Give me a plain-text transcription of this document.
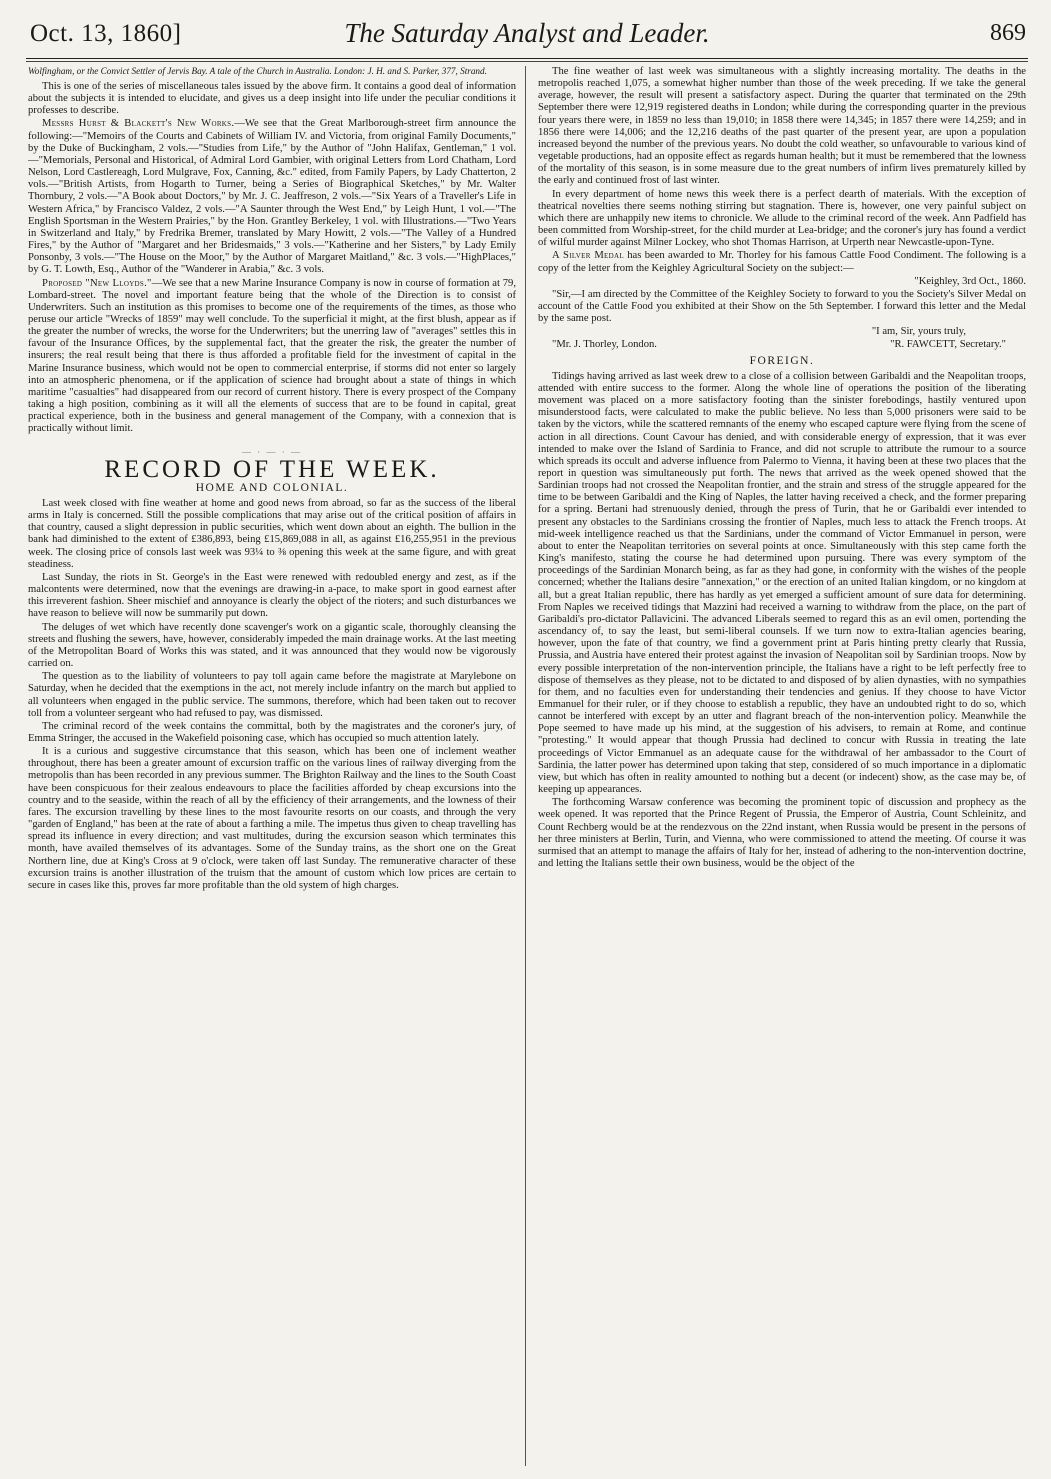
Oct. 13, 1860]	The Saturday Analyst and Leader.	869

Wolfingham, or the Convict Settler of Jervis Bay. A tale of the Church in Australia. London: J. H. and S. Parker, 377, Strand.

This is one of the series of miscellaneous tales issued by the above firm. It contains a good deal of information about the subjects it is intended to elucidate, and gives us a deep insight into life under the peculiar conditions it professes to describe.

Messrs Hurst & Blackett's New Works.—We see that the Great Marlborough-street firm announce the following:—"Memoirs of the Courts and Cabinets of William IV. and Victoria, from original Family Documents," by the Duke of Buckingham, 2 vols.—"Studies from Life," by the Author of "John Halifax, Gentleman," 1 vol.—"Memorials, Personal and Historical, of Admiral Lord Gambier, with original Letters from Lord Chatham, Lord Nelson, Lord Castlereagh, Lord Mulgrave, Fox, Canning, &c." edited, from Family Papers, by Lady Chatterton, 2 vols.—"British Artists, from Hogarth to Turner, being a Series of Biographical Sketches," by Mr. Walter Thornbury, 2 vols.—"A Book about Doctors," by Mr. J. C. Jeaffreson, 2 vols.—"Six Years of a Traveller's Life in Western Africa," by Francisco Valdez, 2 vols.—"A Saunter through the West End," by Leigh Hunt, 1 vol.—"The English Sportsman in the Western Prairies," by the Hon. Grantley Berkeley, 1 vol. with Illustrations.—"Two Years in Switzerland and Italy," by Fredrika Bremer, translated by Mary Howitt, 2 vols.—"The Valley of a Hundred Fires," by the Author of "Margaret and her Bridesmaids," 3 vols.—"Katherine and her Sisters," by Lady Emily Ponsonby, 3 vols.—"The House on the Moor," by the Author of Margaret Maitland," &c. 3 vols.—"HighPlaces," by G. T. Lowth, Esq., Author of the "Wanderer in Arabia," &c. 3 vols.

Proposed "New Lloyds."—We see that a new Marine Insurance Company is now in course of formation at 79, Lombard-street. The novel and important feature being that the whole of the Direction is to consist of Underwriters. Such an institution as this promises to become one of the requirements of the times, as those who peruse our article "Wrecks of 1859" may well conclude. To the superficial it might, at the first blush, appear as if the greater the number of wrecks, the worse for the Underwriters; but the unerring law of "averages" settles this in favour of the Insurance Offices, by the supplemental fact, that the greater the risk, the greater the number of insurers; the real result being that there is thus afforded a profitable field for the investment of capital in the Marine Insurance business, which would not be open to commercial enterprise, if storms did not enter so largely into an atmospheric phenomena, or if the application of science had brought about a state of things in which maritime "casualties" had disappeared from our record of current history. There is every prospect of the Company taking a high position, combining as it will all the elements of success that are to be found in capital, great practical experience, both in the business and general management of the Company, with a connexion that is practically without limit.

— · — · —
RECORD OF THE WEEK.
HOME AND COLONIAL.

Last week closed with fine weather at home and good news from abroad, so far as the success of the liberal arms in Italy is concerned. Still the possible complications that may arise out of the critical position of affairs in that country, caused a slight depression in public securities, which went down about an eighth. The bullion in the bank had diminished to the extent of £386,893, being £15,869,088 in all, as against £16,255,951 in the previous week. The closing price of consols last week was 93¼ to ⅜ opening this week at the same figure, and with great steadiness.

Last Sunday, the riots in St. George's in the East were renewed with redoubled energy and zest, as if the malcontents were determined, now that the evenings are drawing-in a-pace, to make sport in good earnest after this irreverent fashion. Sheer mischief and annoyance is clearly the object of the rioters; and such disturbances we have reason to believe will now be summarily put down.

The deluges of wet which have recently done scavenger's work on a gigantic scale, thoroughly cleansing the streets and flushing the sewers, have, however, considerably impeded the main drainage works. At the last meeting of the Metropolitan Board of Works this was stated, and it was announced that they would now be vigorously carried on.

The question as to the liability of volunteers to pay toll again came before the magistrate at Marylebone on Saturday, when he decided that the exemptions in the act, not merely include infantry on the march but applied to all volunteers when engaged in the public service. The summons, therefore, which had been taken out to recover toll from a volunteer sergeant who had refused to pay, was dismissed.

The criminal record of the week contains the committal, both by the magistrates and the coroner's jury, of Emma Stringer, the accused in the Wakefield poisoning case, which has occupied so much attention lately.

It is a curious and suggestive circumstance that this season, which has been one of inclement weather throughout, there has been a greater amount of excursion traffic on the various lines of railway diverging from the metropolis than has been recorded in any previous summer. The Brighton Railway and the lines to the South Coast have been conspicuous for their zealous endeavours to place the facilities afforded by cheap excursions into the country and to the seaside, within the reach of all by the efficiency of their arrangements, and the lowness of their fares. The excursion travelling by these lines to the most favourite resorts on our coasts, and through the very "garden of England," has been at the rate of about a farthing a mile. The impetus thus given to cheap travelling has spread its influence in every direction; and vast multitudes, during the excursion season which terminates this month, have availed themselves of its advantages. Some of the Sunday trains, as the short one on the Great Northern line, due at King's Cross at 9 o'clock, were taken off last Sunday. The remunerative character of these excursion trains is another illustration of the truism that the amount of custom which low prices are certain to secure in cases like this, proves far more profitable than the old system of high charges.

The fine weather of last week was simultaneous with a slightly increasing mortality. The deaths in the metropolis reached 1,075, a somewhat higher number than those of the week preceding. If we take the general average, however, the result will present a satisfactory aspect. During the quarter that terminated on the 29th September there were 12,919 registered deaths in London; while during the corresponding quarter in the previous four years there were, in 1859 no less than 19,010; in 1858 there were 14,345; in 1857 there were 14,259; and in 1856 there were 14,006; and the 12,216 deaths of the past quarter of the present year, are upon a population increased beyond the number of the previous years. No doubt the cold weather, so unfavourable to various kind of vegetable productions, had an opposite effect as regards human health; but it must be remembered that the lowness of the mortality of this season, is in some measure due to the great numbers of infirm lives prematurely killed by the early and continued frost of last winter.

In every department of home news this week there is a perfect dearth of materials. With the exception of theatrical novelties there seems nothing stirring but stagnation. There is, however, one very painful subject on which there are unhappily new items to chronicle. We allude to the criminal record of the week. Ann Padfield has been committed from Worship-street, for the child murder at Lea-bridge; and the coroner's jury has found a verdict of wilful murder against Milner Lockey, who shot Thomas Harrison, at Urperth near Newcastle-upon-Tyne.

A Silver Medal has been awarded to Mr. Thorley for his famous Cattle Food Condiment. The following is a copy of the letter from the Keighley Agricultural Society on the subject:—

"Keighley, 3rd Oct., 1860.

"Sir,—I am directed by the Committee of the Keighley Society to forward to you the Society's Silver Medal on account of the Cattle Food you exhibited at their Show on the 5th September. I forward this letter and the Medal by the same post.

"I am, Sir, yours truly,

"Mr. J. Thorley, London.	"R. FAWCETT, Secretary."
FOREIGN.

Tidings having arrived as last week drew to a close of a collision between Garibaldi and the Neapolitan troops, attended with entire success to the former. Along the whole line of operations the position of the liberating movement was placed on a more satisfactory footing than the sinister forebodings, hastily ventured upon misunderstood facts, were calculated to make the public believe. No less than 5,000 prisoners were said to be taken by the victors, while the scattered remnants of the enemy who escaped capture were flying from the scene of action in all directions. Count Cavour has denied, and with considerable energy of expression, that it was ever intended to make over the Island of Sardinia to France, and did not scruple to attribute the rumour to a source which spreads its occult and adverse influence from Palermo to Vienna, it having been at these two places that the report in question was simultaneously put forth. The news that arrived as the week opened showed that the Sardinian troops had not crossed the Neapolitan frontier, and the strain and stress of the struggle appeared for the time to be between Garibaldi and the King of Naples, the latter having received a check, and the former preparing for a spring. Bertani had strenuously denied, through the press of Turin, that he or Garibaldi ever intended to present any obstacles to the Sardinians crossing the frontier of Naples, much less to attack the French troops. At mid-week intelligence reached us that the Sardinians, under the command of Victor Emmanuel in person, were about to enter the Neapolitan territories on several points at once. Simultaneously with this step came forth the King's manifesto, stating the course he had determined upon pursuing. There was every symptom of the proceedings of the Sardinian Monarch being, as far as they had gone, in conformity with the wishes of the people concerned; whether the Italians desire "annexation," or the erection of an united Italian kingdom, or no kingdom at all, but a great Italian republic, there has hardly as yet emerged a sufficient amount of sure data for determining. From Naples we received tidings that Mazzini had received a warning to withdraw from the place, on the part of Garibaldi's pro-dictator Pallavicini. The advanced Liberals seemed to regard this as an evil omen, portending the ascendancy of, to say the least, but semi-liberal counsels. If we turn now to extra-Italian agencies bearing, however, upon the fate of that country, we find a government print at Paris hinting pretty clearly that Russia, Prussia, and Austria have entered their protest against the invasion of Neapolitan soil by Sardinian troops. Now by every possible interpretation of the non-intervention principle, the Italians have a right to be left perfectly free to dispose of themselves as they please, not to be dictated to and disposed of by alien dynasties, with no sympathies for them, and no faculties even for understanding their tendencies and genius. If they choose to have Victor Emmanuel for their ruler, or if they choose to establish a republic, they have an undoubted right to do so, which cannot be interfered with except by an utter and flagrant breach of the non-intervention policy. Meanwhile the Pope seemed to have made up his mind, at the suggestion of his advisers, to remain at Rome, and continue "protesting." It would appear that though Prussia had declined to concur with Russia in treating the late proceedings of Victor Emmanuel as an adequate cause for the withdrawal of her ambassador to the Court of Sardinia, the latter power has determined upon taking that step, considered of so much importance in a diplomatic view, but which has often in reality amounted to nothing but a decent (or indecent) show, as the case may be, of keeping up appearances.

The forthcoming Warsaw conference was becoming the prominent topic of discussion and prophecy as the week opened. It was reported that the Prince Regent of Prussia, the Emperor of Austria, Count Schleinitz, and Count Rechberg would be at the rendezvous on the 22nd instant, when Russia would be present in the persons of her three ministers at Berlin, Turin, and Vienna, who were commissioned to attend the meeting. Of course it was surmised that an attempt to manage the affairs of Italy for her, instead of adhering to the non-intervention doctrine, and letting the Italians settle their own business, would be the object of the
